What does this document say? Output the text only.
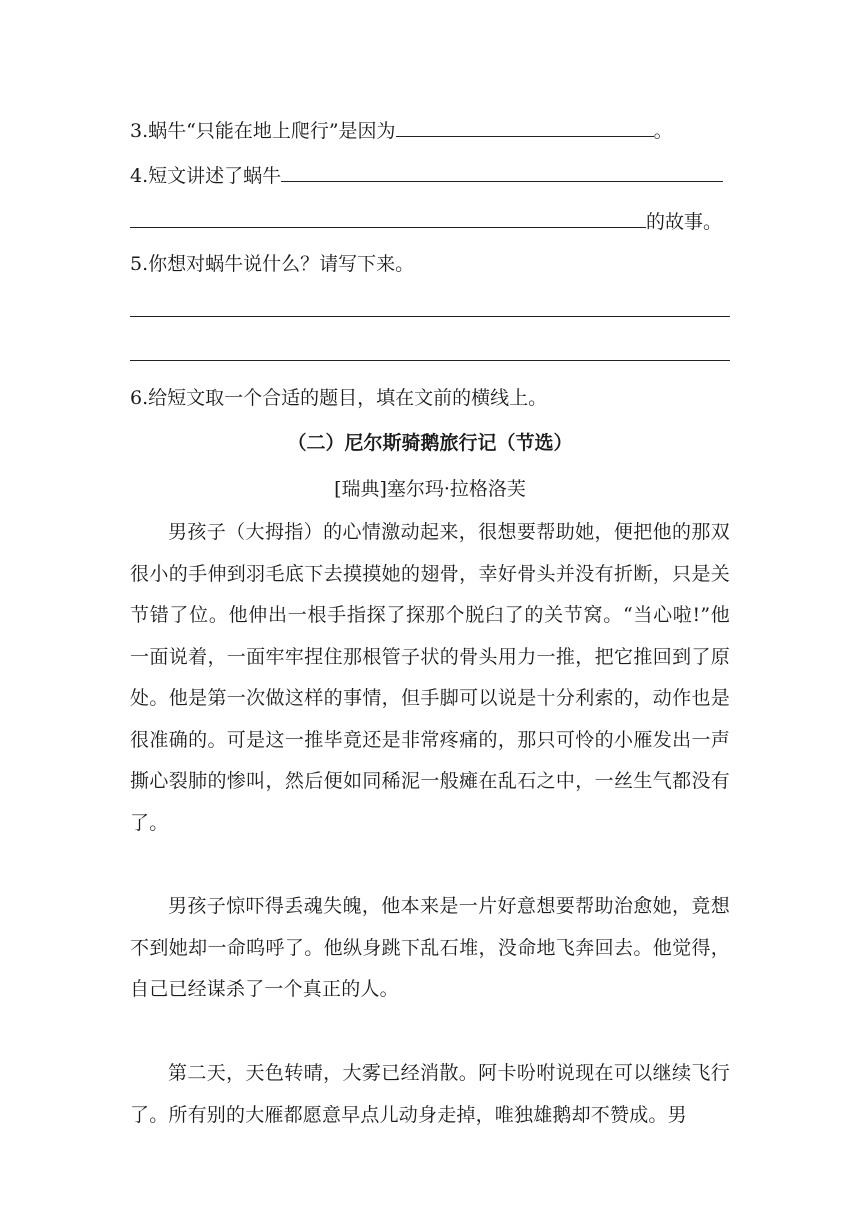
3.蜗牛“只能在地上爬行”是因为	。
4.短文讲述了蜗牛
的故事。
5.你想对蜗牛说什么？请写下来。
6.给短文取一个合适的题目，填在文前的横线上。
（二）尼尔斯骑鹅旅行记（节选）
[瑞典]塞尔玛·拉格洛芙
男孩子（大拇指）的心情激动起来，很想要帮助她，便把他的那双很小的手伸到羽毛底下去摸摸她的翅骨，幸好骨头并没有折断，只是关节错了位。他伸出一根手指探了探那个脱臼了的关节窝。“当心啦!”他一面说着，一面牢牢捏住那根管子状的骨头用力一推，把它推回到了原处。他是第一次做这样的事情，但手脚可以说是十分利索的，动作也是很准确的。可是这一推毕竟还是非常疼痛的，那只可怜的小雁发出一声撕心裂肺的惨叫，然后便如同稀泥一般瘫在乱石之中，一丝生气都没有了。
男孩子惊吓得丢魂失魄，他本来是一片好意想要帮助治愈她，竟想不到她却一命呜呼了。他纵身跳下乱石堆，没命地飞奔回去。他觉得，自己已经谋杀了一个真正的人。
第二天，天色转晴，大雾已经消散。阿卡吩咐说现在可以继续飞行了。所有别的大雁都愿意早点儿动身走掉，唯独雄鹅却不赞成。男
